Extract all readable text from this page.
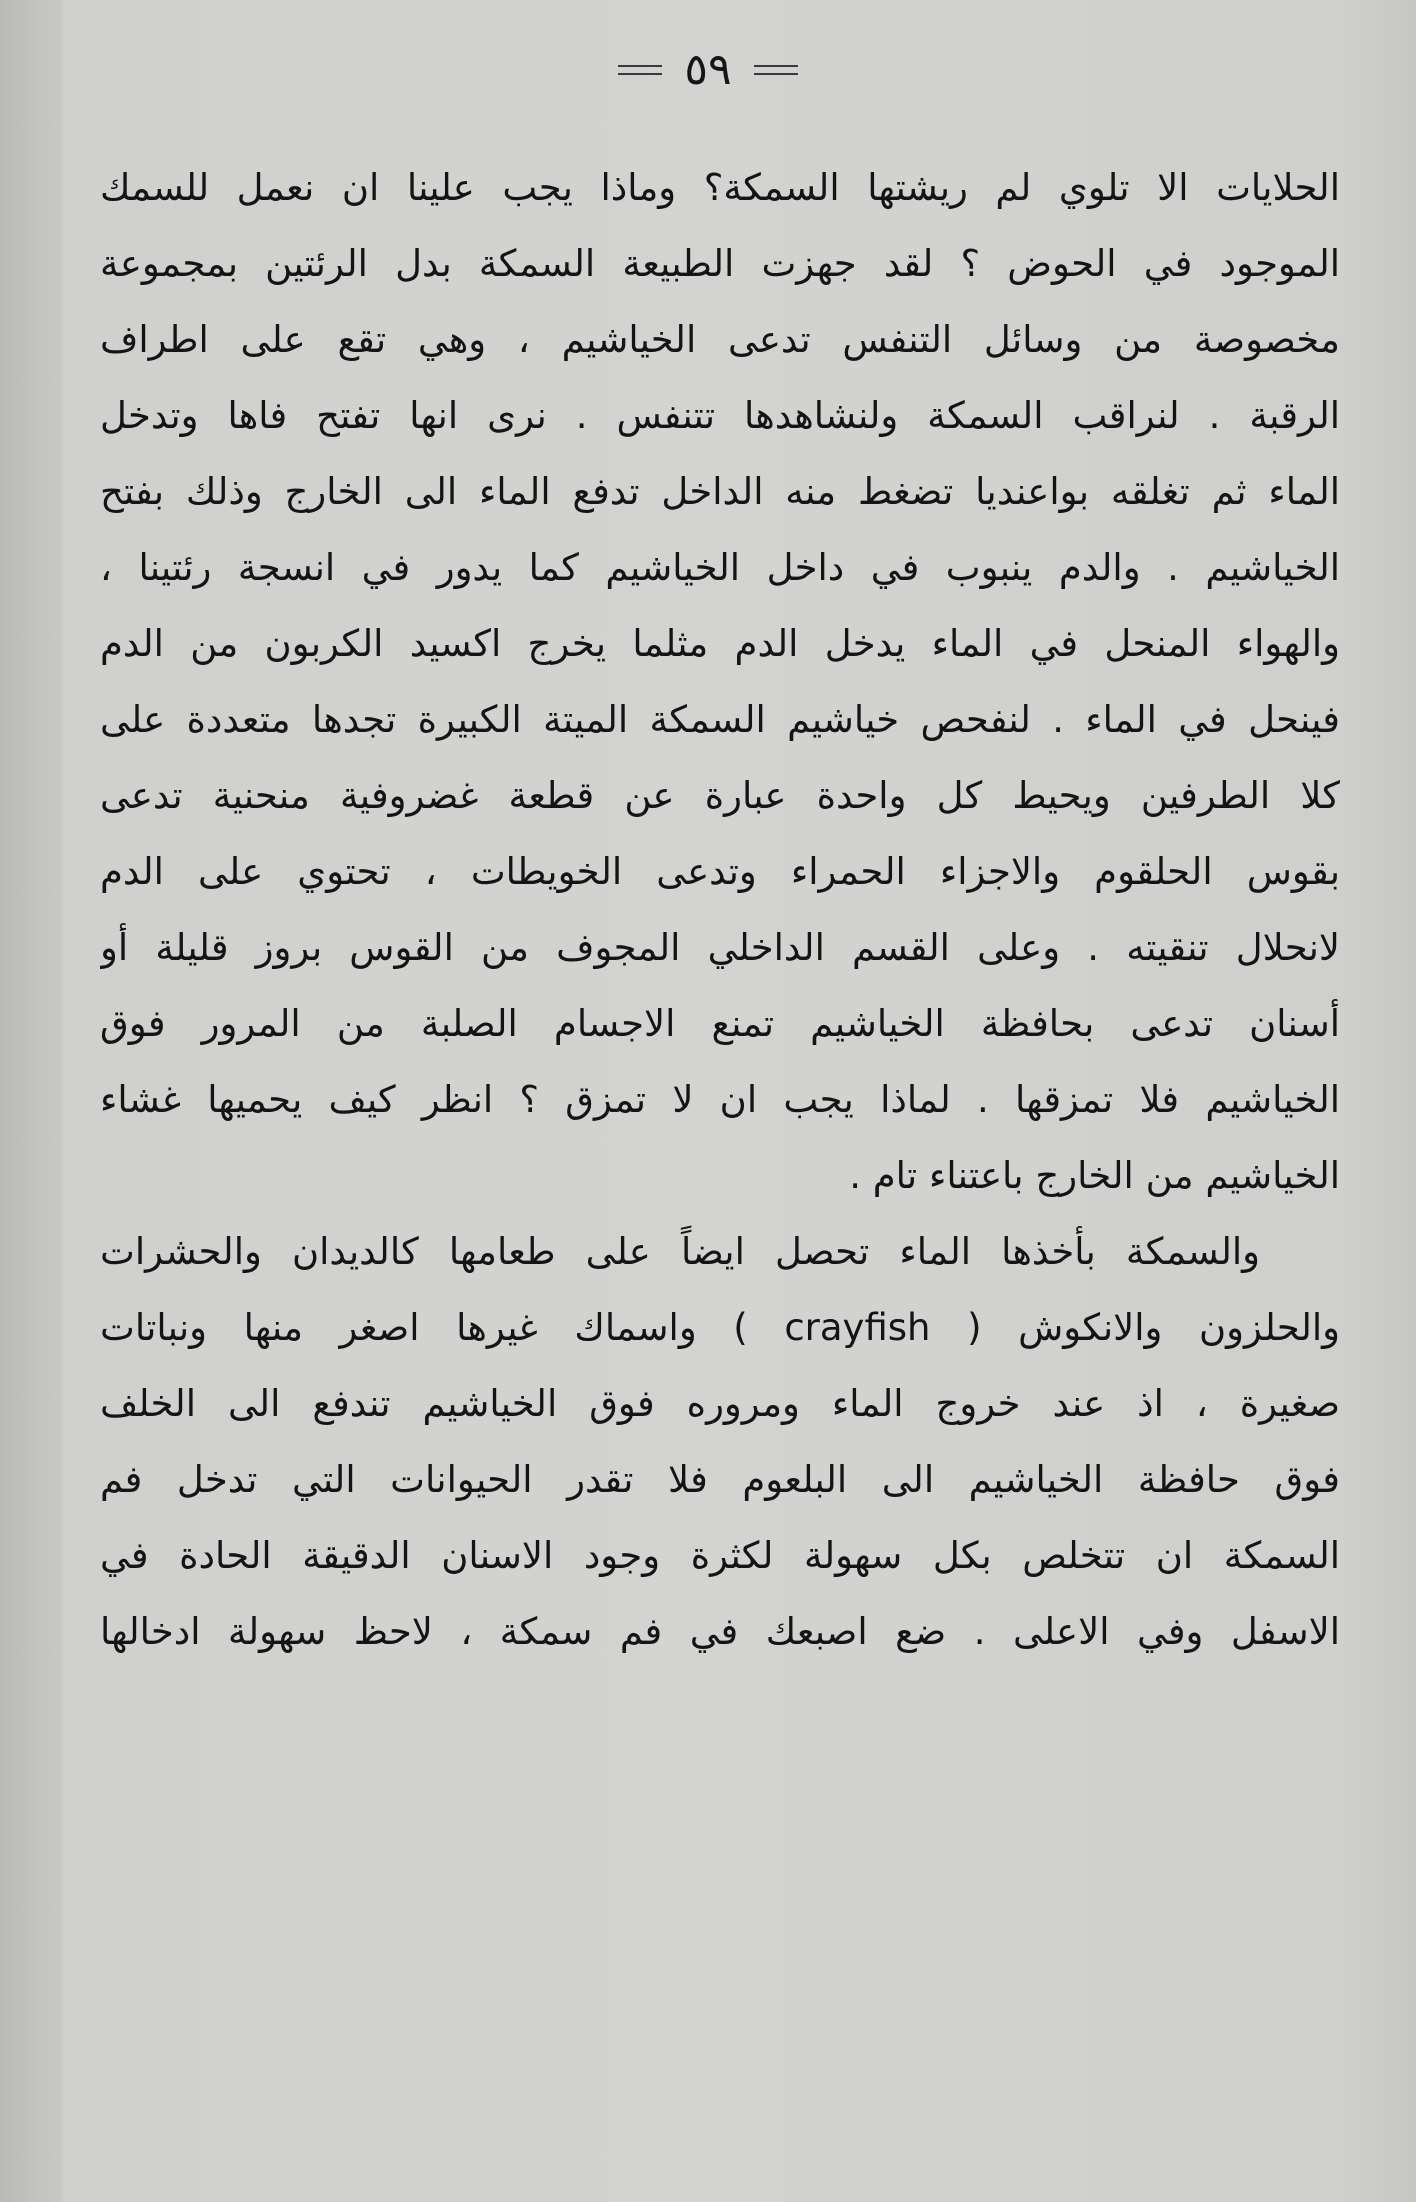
٥٩
الحلايات الا تلوي لم ريشتها السمكة؟ وماذا يجب علينا ان نعمل للسمك
الموجود في الحوض ؟ لقد جهزت الطبيعة السمكة بدل الرئتين بمجموعة
مخصوصة من وسائل التنفس تدعى الخياشيم ، وهي تقع على اطراف
الرقبة . لنراقب السمكة ولنشاهدها تتنفس . نرى انها تفتح فاها وتدخل
الماء ثم تغلقه بواعنديا تضغط منه الداخل تدفع الماء الى الخارج وذلك بفتح
الخياشيم . والدم ينبوب في داخل الخياشيم كما يدور في انسجة رئتينا ،
والهواء المنحل في الماء يدخل الدم مثلما يخرج اكسيد الكربون من الدم
فينحل في الماء . لنفحص خياشيم السمكة الميتة الكبيرة تجدها متعددة على
كلا الطرفين ويحيط كل واحدة عبارة عن قطعة غضروفية منحنية تدعى
بقوس الحلقوم والاجزاء الحمراء وتدعى الخويطات ، تحتوي على الدم
لانحلال تنقيته . وعلى القسم الداخلي المجوف من القوس بروز قليلة أو
أسنان تدعى بحافظة الخياشيم تمنع الاجسام الصلبة من المرور فوق
الخياشيم فلا تمزقها . لماذا يجب ان لا تمزق ؟ انظر كيف يحميها غشاء
الخياشيم من الخارج باعتناء تام .
والسمكة بأخذها الماء تحصل ايضاً على طعامها كالديدان والحشرات
والحلزون والانكوش ( crayfish ) واسماك غيرها اصغر منها ونباتات
صغيرة ، اذ عند خروج الماء ومروره فوق الخياشيم تندفع الى الخلف
فوق حافظة الخياشيم الى البلعوم فلا تقدر الحيوانات التي تدخل فم
السمكة ان تتخلص بكل سهولة لكثرة وجود الاسنان الدقيقة الحادة في
الاسفل وفي الاعلى . ضع اصبعك في فم سمكة ، لاحظ سهولة ادخالها
